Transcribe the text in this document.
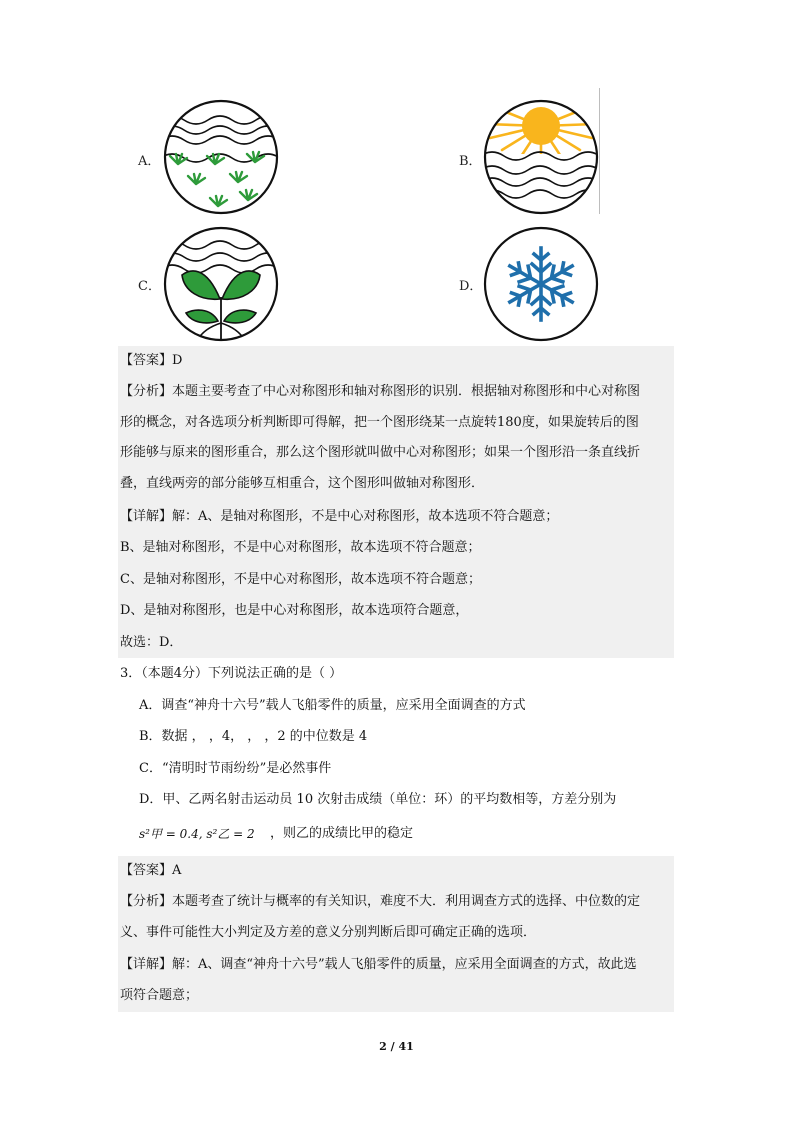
A．	B．
C．	D．
【答案】D
【分析】本题主要考查了中心对称图形和轴对称图形的识别．根据轴对称图形和中心对称图
形的概念，对各选项分析判断即可得解，把一个图形绕某一点旋转180度，如果旋转后的图
形能够与原来的图形重合，那么这个图形就叫做中心对称图形；如果一个图形沿一条直线折
叠，直线两旁的部分能够互相重合，这个图形叫做轴对称图形．
【详解】解：A、是轴对称图形，不是中心对称图形，故本选项不符合题意；
B、是轴对称图形，不是中心对称图形，故本选项不符合题意；
C、是轴对称图形，不是中心对称图形，故本选项不符合题意；
D、是轴对称图形，也是中心对称图形，故本选项符合题意，
故选：D．
3．（本题4分）下列说法正确的是（ ）
A．调查“神舟十六号”载人飞船零件的质量，应采用全面调查的方式
B．数据 ， ，4， ， ，2 的中位数是 4
C．“清明时节雨纷纷”是必然事件
D．甲、乙两名射击运动员 10 次射击成绩（单位：环）的平均数相等，方差分别为
s²甲 = 0.4, s²乙 = 2 ，则乙的成绩比甲的稳定
【答案】A
【分析】本题考查了统计与概率的有关知识，难度不大．利用调查方式的选择、中位数的定
义、事件可能性大小判定及方差的意义分别判断后即可确定正确的选项．
【详解】解：A、调查“神舟十六号”载人飞船零件的质量，应采用全面调查的方式，故此选
项符合题意；
2 / 41
